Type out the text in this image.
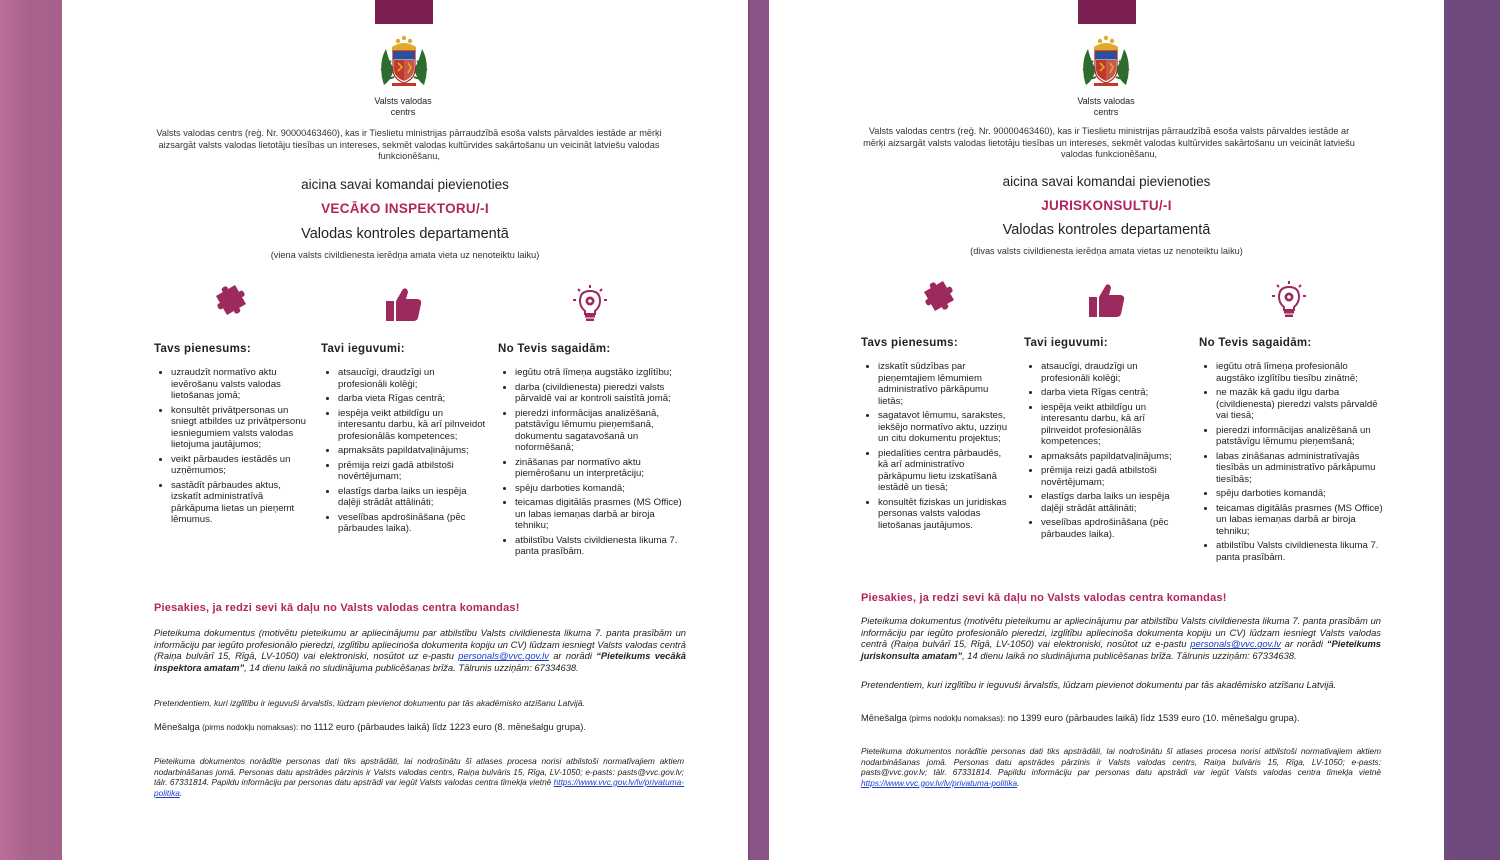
Valsts valodas
centrs
Valsts valodas centrs (reģ. Nr. 90000463460), kas ir Tieslietu ministrijas pārraudzībā esoša valsts pārvaldes iestāde ar mērķi aizsargāt valsts valodas lietotāju tiesības un intereses, sekmēt valodas kultūrvides sakārtošanu un veicināt latviešu valodas funkcionēšanu,
aicina savai komandai pievienoties
VECĀKO INSPEKTORU/-I
Valodas kontroles departamentā
(viena valsts civildienesta ierēdņa amata vieta uz nenoteiktu laiku)
Tavs pienesums:
• uzraudzīt normatīvo aktu ievērošanu valsts valodas lietošanas jomā;
• konsultēt privātpersonas un sniegt atbildes uz privātpersonu iesniegumiem valsts valodas lietojuma jautājumos;
• veikt pārbaudes iestādēs un uzņēmumos;
• sastādīt pārbaudes aktus, izskatīt administratīvā pārkāpuma lietas un pieņemt lēmumus.
Tavi ieguvumi:
• atsaucīgi, draudzīgi un profesionāli kolēģi;
• darba vieta Rīgas centrā;
• iespēja veikt atbildīgu un interesantu darbu, kā arī pilnveidot profesionālās kompetences;
• apmaksāts papildatvaļinājums;
• prēmija reizi gadā atbilstoši novērtējumam;
• elastīgs darba laiks un iespēja daļēji strādāt attālināti;
• veselības apdrošināšana (pēc pārbaudes laika).
No Tevis sagaidām:
• iegūtu otrā līmeņa augstāko izglītību;
• darba (civildienesta) pieredzi valsts pārvaldē vai ar kontroli saistītā jomā;
• pieredzi informācijas analizēšanā, patstāvīgu lēmumu pieņemšanā, dokumentu sagatavošanā un noformēšanā;
• zināšanas par normatīvo aktu piemērošanu un interpretāciju;
• spēju darboties komandā;
• teicamas digitālās prasmes (MS Office) un labas iemaņas darbā ar biroja tehniku;
• atbilstību Valsts civildienesta likuma 7. panta prasībām.
Piesakies, ja redzi sevi kā daļu no Valsts valodas centra komandas!
Pieteikuma dokumentus (motivētu pieteikumu ar apliecinājumu par atbilstību Valsts civildienesta likuma 7. panta prasībām un informāciju par iegūto profesionālo pieredzi, izglītību apliecinoša dokumenta kopiju un CV) lūdzam iesniegt Valsts valodas centrā (Raiņa bulvārī 15, Rīgā, LV-1050) vai elektroniski, nosūtot uz e-pastu personals@vvc.gov.lv ar norādi “Pieteikums vecākā inspektora amatam”, 14 dienu laikā no sludinājuma publicēšanas brīža. Tālrunis uzziņām: 67334638.
Pretendentiem, kuri izglītību ir ieguvuši ārvalstīs, lūdzam pievienot dokumentu par tās akadēmisko atzīšanu Latvijā.
Mēnešalga (pirms nodokļu nomaksas): no 1112 euro (pārbaudes laikā) līdz 1223 euro (8. mēnešalgu grupa).
Pieteikuma dokumentos norādītie personas dati tiks apstrādāti, lai nodrošinātu šī atlases procesa norisi atbilstoši normatīvajiem aktiem nodarbināšanas jomā. Personas datu apstrādes pārzinis ir Valsts valodas centrs, Raiņa bulvāris 15, Rīga, LV-1050; e-pasts: pasts@vvc.gov.lv; tālr. 67331814. Papildu informāciju par personas datu apstrādi var iegūt Valsts valodas centra tīmekļa vietnē https://www.vvc.gov.lv/lv/privatuma-politika.
Valsts valodas
centrs
Valsts valodas centrs (reģ. Nr. 90000463460), kas ir Tieslietu ministrijas pārraudzībā esoša valsts pārvaldes iestāde ar mērķi aizsargāt valsts valodas lietotāju tiesības un intereses, sekmēt valodas kultūrvides sakārtošanu un veicināt latviešu valodas funkcionēšanu,
aicina savai komandai pievienoties
JURISKONSULTU/-I
Valodas kontroles departamentā
(divas valsts civildienesta ierēdņa amata vietas uz nenoteiktu laiku)
Tavs pienesums:
• izskatīt sūdzības par pieņemtajiem lēmumiem administratīvo pārkāpumu lietās;
• sagatavot lēmumu, sarakstes, iekšējo normatīvo aktu, uzziņu un citu dokumentu projektus;
• piedalīties centra pārbaudēs, kā arī administratīvo pārkāpumu lietu izskatīšanā iestādē un tiesā;
• konsultēt fiziskas un juridiskas personas valsts valodas lietošanas jautājumos.
Tavi ieguvumi:
• atsaucīgi, draudzīgi un profesionāli kolēģi;
• darba vieta Rīgas centrā;
• iespēja veikt atbildīgu un interesantu darbu, kā arī pilnveidot profesionālās kompetences;
• apmaksāts papildatvaļinājums;
• prēmija reizi gadā atbilstoši novērtējumam;
• elastīgs darba laiks un iespēja daļēji strādāt attālināti;
• veselības apdrošināšana (pēc pārbaudes laika).
No Tevis sagaidām:
• iegūtu otrā līmeņa profesionālo augstāko izglītību tiesību zinātnē;
• ne mazāk kā gadu ilgu darba (civildienesta) pieredzi valsts pārvaldē vai tiesā;
• pieredzi informācijas analizēšanā un patstāvīgu lēmumu pieņemšanā;
• labas zināšanas administratīvajās tiesībās un administratīvo pārkāpumu tiesībās;
• spēju darboties komandā;
• teicamas digitālās prasmes (MS Office) un labas iemaņas darbā ar biroja tehniku;
• atbilstību Valsts civildienesta likuma 7. panta prasībām.
Piesakies, ja redzi sevi kā daļu no Valsts valodas centra komandas!
Pieteikuma dokumentus (motivētu pieteikumu ar apliecinājumu par atbilstību Valsts civildienesta likuma 7. panta prasībām un informāciju par iegūto profesionālo pieredzi, izglītību apliecinoša dokumenta kopiju un CV) lūdzam iesniegt Valsts valodas centrā (Raiņa bulvārī 15, Rīgā, LV-1050) vai elektroniski, nosūtot uz e-pastu personals@vvc.gov.lv ar norādi “Pieteikums juriskonsulta amatam”, 14 dienu laikā no sludinājuma publicēšanas brīža. Tālrunis uzziņām: 67334638.
Pretendentiem, kuri izglītību ir ieguvuši ārvalstīs, lūdzam pievienot dokumentu par tās akadēmisko atzīšanu Latvijā.
Mēnešalga (pirms nodokļu nomaksas): no 1399 euro (pārbaudes laikā) līdz 1539 euro (10. mēnešalgu grupa).
Pieteikuma dokumentos norādītie personas dati tiks apstrādāti, lai nodrošinātu šī atlases procesa norisi atbilstoši normatīvajiem aktiem nodarbināšanas jomā. Personas datu apstrādes pārzinis ir Valsts valodas centrs, Raiņa bulvāris 15, Rīga, LV-1050; e-pasts: pasts@vvc.gov.lv; tālr. 67331814. Papildu informāciju par personas datu apstrādi var iegūt Valsts valodas centra tīmekļa vietnē https://www.vvc.gov.lv/lv/privatuma-politika.
